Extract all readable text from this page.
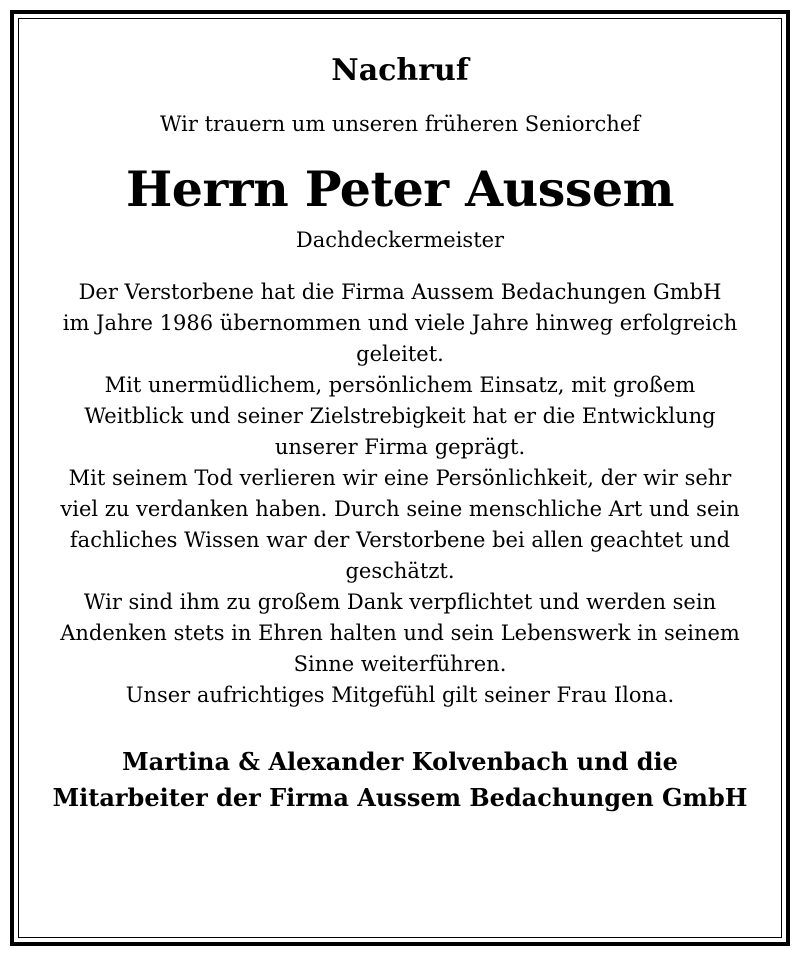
Nachruf
Wir trauern um unseren früheren Seniorchef
Herrn Peter Aussem
Dachdeckermeister
Der Verstorbene hat die Firma Aussem Bedachungen GmbH
im Jahre 1986 übernommen und viele Jahre hinweg erfolgreich
geleitet.
Mit unermüdlichem, persönlichem Einsatz, mit großem
Weitblick und seiner Zielstrebigkeit hat er die Entwicklung
unserer Firma geprägt.
Mit seinem Tod verlieren wir eine Persönlichkeit, der wir sehr
viel zu verdanken haben. Durch seine menschliche Art und sein
fachliches Wissen war der Verstorbene bei allen geachtet und
geschätzt.
Wir sind ihm zu großem Dank verpflichtet und werden sein
Andenken stets in Ehren halten und sein Lebenswerk in seinem
Sinne weiterführen.
Unser aufrichtiges Mitgefühl gilt seiner Frau Ilona.
Martina & Alexander Kolvenbach und die
Mitarbeiter der Firma Aussem Bedachungen GmbH
